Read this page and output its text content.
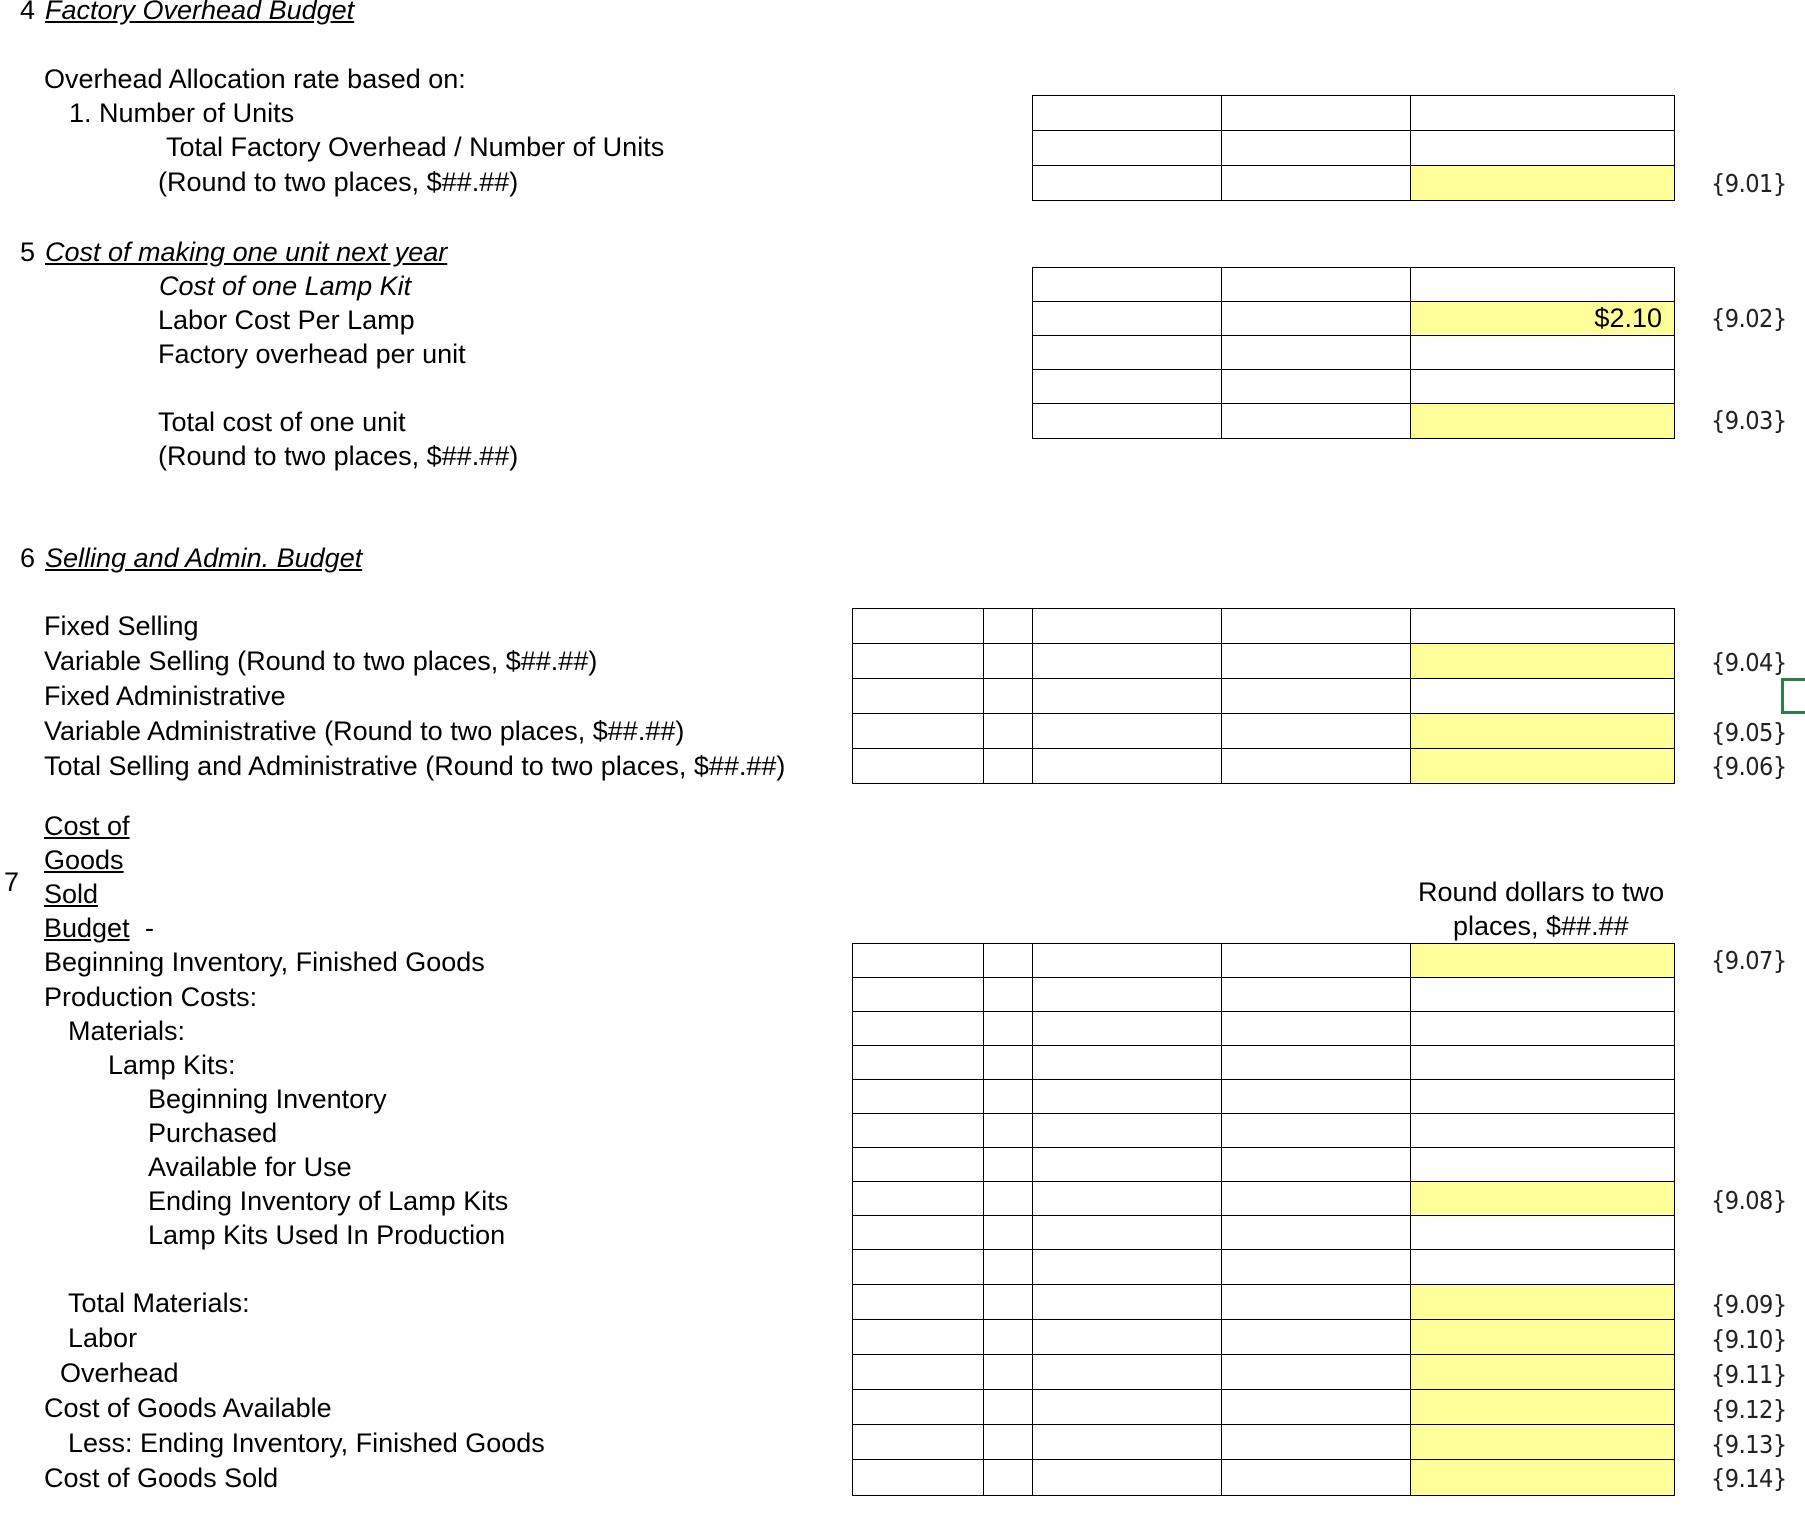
4 Factory Overhead Budget
Overhead Allocation rate based on:
1. Number of Units
Total Factory Overhead / Number of Units
(Round to two places, $##.##)	{9.01}
5 Cost of making one unit next year
Cost of one Lamp Kit
Labor Cost Per Lamp
Factory overhead per unit
Total cost of one unit
(Round to two places, $##.##)
$2.10 {9.02}
{9.03}
6 Selling and Admin. Budget
Fixed Selling
Variable Selling (Round to two places, $##.##)
Fixed Administrative
Variable Administrative (Round to two places, $##.##)
Total Selling and Administrative (Round to two places, $##.##)
{9.04}
{9.05}
{9.06}
7
Cost of
Goods
Sold
Budget -
Round dollars to two
places, $##.##
Beginning Inventory, Finished Goods
Production Costs:
Materials:
Lamp Kits:
Beginning Inventory
Purchased
Available for Use
Ending Inventory of Lamp Kits
Lamp Kits Used In Production
Total Materials:
Labor
Overhead
Cost of Goods Available
Less: Ending Inventory, Finished Goods
Cost of Goods Sold
{9.07}
{9.08}
{9.09}
{9.10}
{9.11}
{9.12}
{9.13}
{9.14}
